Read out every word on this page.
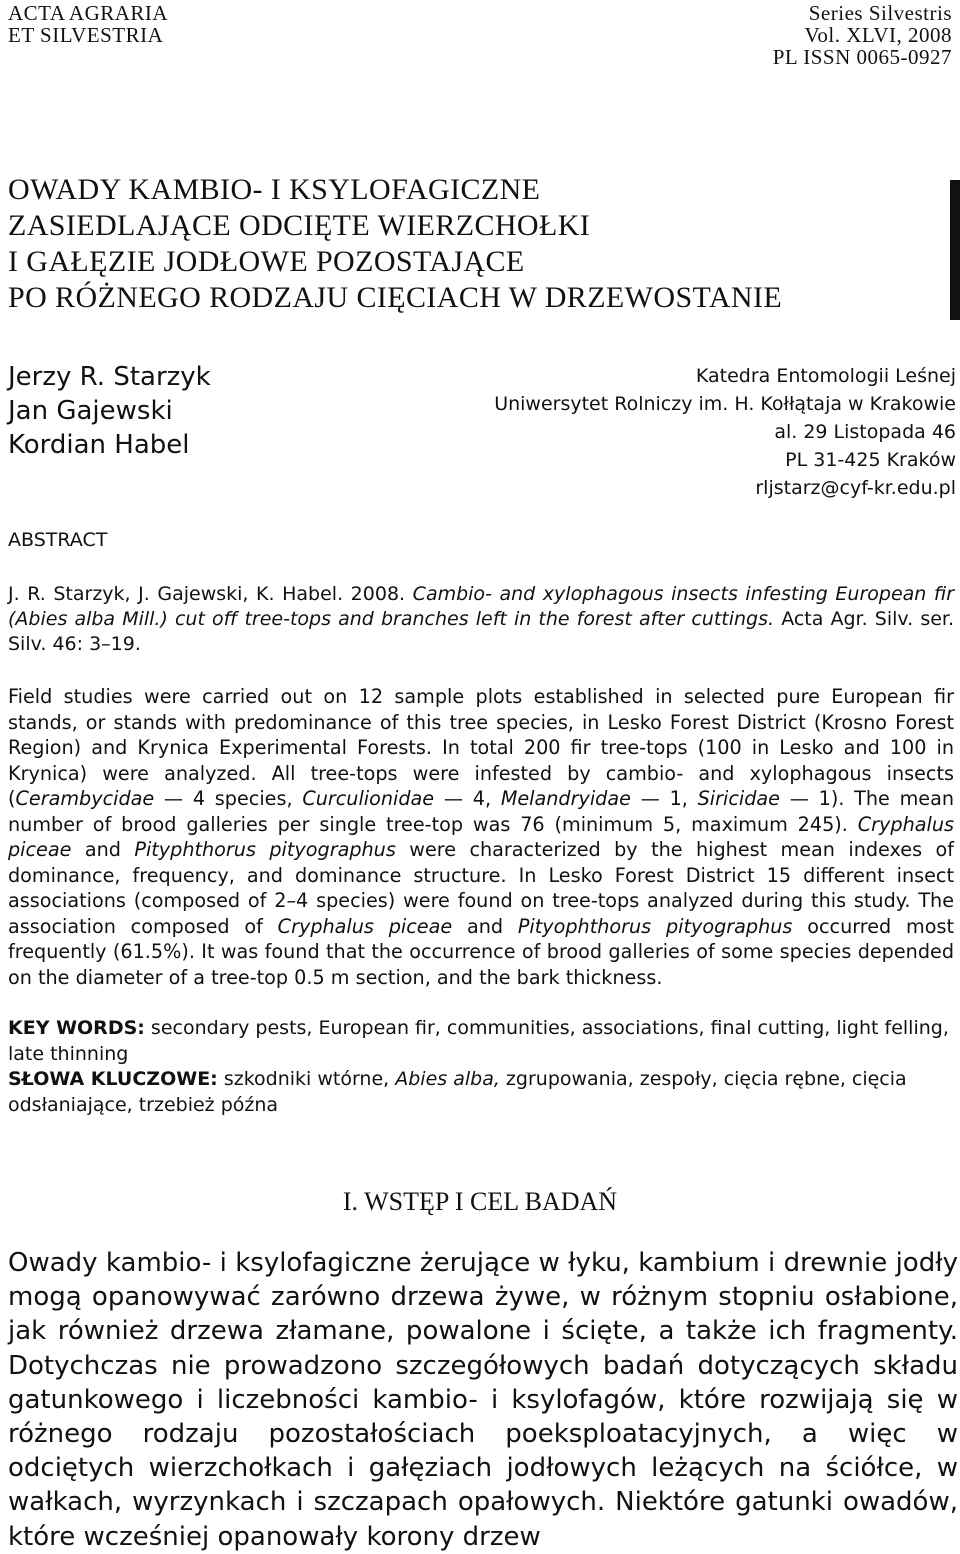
ACTA AGRARIA
ET SILVESTRIA
Series Silvestris
Vol. XLVI, 2008
PL ISSN 0065-0927
OWADY KAMBIO- I KSYLOFAGICZNE
ZASIEDLAJĄCE ODCIĘTE WIERZCHOŁKI
I GAŁĘZIE JODŁOWE POZOSTAJĄCE
PO RÓŻNEGO RODZAJU CIĘCIACH W DRZEWOSTANIE
Jerzy R. Starzyk
Jan Gajewski
Kordian Habel
Katedra Entomologii Leśnej
Uniwersytet Rolniczy im. H. Kołłątaja w Krakowie
al. 29 Listopada 46
PL 31-425 Kraków
rljstarz@cyf-kr.edu.pl
ABSTRACT
J. R. Starzyk, J. Gajewski, K. Habel. 2008. Cambio- and xylophagous insects infesting European fir (Abies alba Mill.) cut off tree-tops and branches left in the forest after cuttings. Acta Agr. Silv. ser. Silv. 46: 3–19.
Field studies were carried out on 12 sample plots established in selected pure European fir stands, or stands with predominance of this tree species, in Lesko Forest District (Krosno Forest Region) and Krynica Experimental Forests. In total 200 fir tree-tops (100 in Lesko and 100 in Krynica) were analyzed. All tree-tops were infested by cambio- and xylophagous insects (Cerambycidae — 4 species, Curculionidae — 4, Melandryidae — 1, Siricidae — 1). The mean number of brood galleries per single tree-top was 76 (minimum 5, maximum 245). Cryphalus piceae and Pityphthorus pityographus were characterized by the highest mean indexes of dominance, frequency, and dominance structure. In Lesko Forest District 15 different insect associations (composed of 2–4 species) were found on tree-tops analyzed during this study. The association composed of Cryphalus piceae and Pityophthorus pityographus occurred most frequently (61.5%). It was found that the occurrence of brood galleries of some species depended on the diameter of a tree-top 0.5 m section, and the bark thickness.
KEY WORDS: secondary pests, European fir, communities, associations, final cutting, light felling, late thinning
SŁOWA KLUCZOWE: szkodniki wtórne, Abies alba, zgrupowania, zespoły, cięcia rębne, cięcia odsłaniające, trzebież późna
I. WSTĘP I CEL BADAŃ
Owady kambio- i ksylofagiczne żerujące w łyku, kambium i drewnie jodły mogą opanowywać zarówno drzewa żywe, w różnym stopniu osłabione, jak również drzewa złamane, powalone i ścięte, a także ich fragmenty. Dotychczas nie prowadzono szczegółowych badań dotyczących składu gatunkowego i liczebności kambio- i ksylofagów, które rozwijają się w różnego rodzaju pozostałościach poeksploatacyjnych, a więc w odciętych wierzchołkach i gałęziach jodłowych leżących na ściółce, w wałkach, wyrzynkach i szczapach opałowych. Niektóre gatunki owadów, które wcześniej opanowały korony drzew
